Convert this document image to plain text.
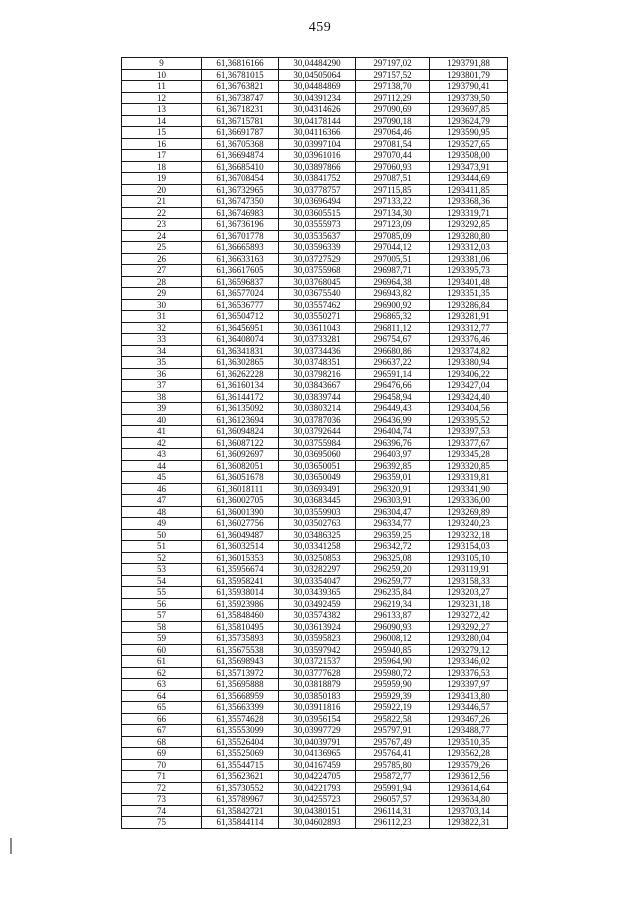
459
9	61,36816166	30,04484290	297197,02	1293791,88
10	61,36781015	30,04505064	297157,52	1293801,79
11	61,36763821	30,04484869	297138,70	1293790,41
12	61,36738747	30,04391234	297112,29	1293739,50
13	61,36718231	30,04314626	297090,69	1293697,85
14	61,36715781	30,04178144	297090,18	1293624,79
15	61,36691787	30,04116366	297064,46	1293590,95
16	61,36705368	30,03997104	297081,54	1293527,65
17	61,36694874	30,03961016	297070,44	1293508,00
18	61,36685410	30,03897866	297060,93	1293473,91
19	61,36708454	30,03841752	297087,51	1293444,69
20	61,36732965	30,03778757	297115,85	1293411,85
21	61,36747350	30,03696494	297133,22	1293368,36
22	61,36746983	30,03605515	297134,30	1293319,71
23	61,36736196	30,03555973	297123,09	1293292,85
24	61,36701778	30,03535637	297085,09	1293280,80
25	61,36665893	30,03596339	297044,12	1293312,03
26	61,36633163	30,03727529	297005,51	1293381,06
27	61,36617605	30,03755968	296987,71	1293395,73
28	61,36596837	30,03768045	296964,38	1293401,48
29	61,36577024	30,03675540	296943,82	1293351,35
30	61,36536777	30,03557462	296900,92	1293286,84
31	61,36504712	30,03550271	296865,32	1293281,91
32	61,36456951	30,03611043	296811,12	1293312,77
33	61,36408074	30,03733281	296754,67	1293376,46
34	61,36341831	30,03734436	296680,86	1293374,82
35	61,36302865	30,03748351	296637,22	1293380,94
36	61,36262228	30,03798216	296591,14	1293406,22
37	61,36160134	30,03843667	296476,66	1293427,04
38	61,36144172	30,03839744	296458,94	1293424,40
39	61,36135092	30,03803214	296449,43	1293404,56
40	61,36123694	30,03787036	296436,99	1293395,52
41	61,36094824	30,03792644	296404,74	1293397,53
42	61,36087122	30,03755984	296396,76	1293377,67
43	61,36092697	30,03695060	296403,97	1293345,28
44	61,36082051	30,03650051	296392,85	1293320,85
45	61,36051678	30,03650049	296359,01	1293319,81
46	61,36018111	30,03693491	296320,91	1293341,90
47	61,36002705	30,03683445	296303,91	1293336,00
48	61,36001390	30,03559903	296304,47	1293269,89
49	61,36027756	30,03502763	296334,77	1293240,23
50	61,36049487	30,03486325	296359,25	1293232,18
51	61,36032514	30,03341258	296342,72	1293154,03
52	61,36015353	30,03250853	296325,08	1293105,10
53	61,35956674	30,03282297	296259,20	1293119,91
54	61,35958241	30,03354047	296259,77	1293158,33
55	61,35938014	30,03439365	296235,84	1293203,27
56	61,35923986	30,03492459	296219,34	1293231,18
57	61,35848460	30,03574382	296133,87	1293272,42
58	61,35810495	30,03613924	296090,93	1293292,27
59	61,35735893	30,03595823	296008,12	1293280,04
60	61,35675538	30,03597942	295940,85	1293279,12
61	61,35698943	30,03721537	295964,90	1293346,02
62	61,35713972	30,03777628	295980,72	1293376,53
63	61,35695888	30,03818879	295959,90	1293397,97
64	61,35668959	30,03850183	295929,39	1293413,80
65	61,35663399	30,03911816	295922,19	1293446,57
66	61,35574628	30,03956154	295822,58	1293467,26
67	61,35553099	30,03997729	295797,91	1293488,77
68	61,35526404	30,04039791	295767,49	1293510,35
69	61,35525069	30,04136965	295764,41	1293562,28
70	61,35544715	30,04167459	295785,80	1293579,26
71	61,35623621	30,04224705	295872,77	1293612,56
72	61,35730552	30,04221793	295991,94	1293614,64
73	61,35789967	30,04255723	296057,57	1293634,80
74	61,35842721	30,04380151	296114,31	1293703,14
75	61,35844114	30,04602893	296112,23	1293822,31
